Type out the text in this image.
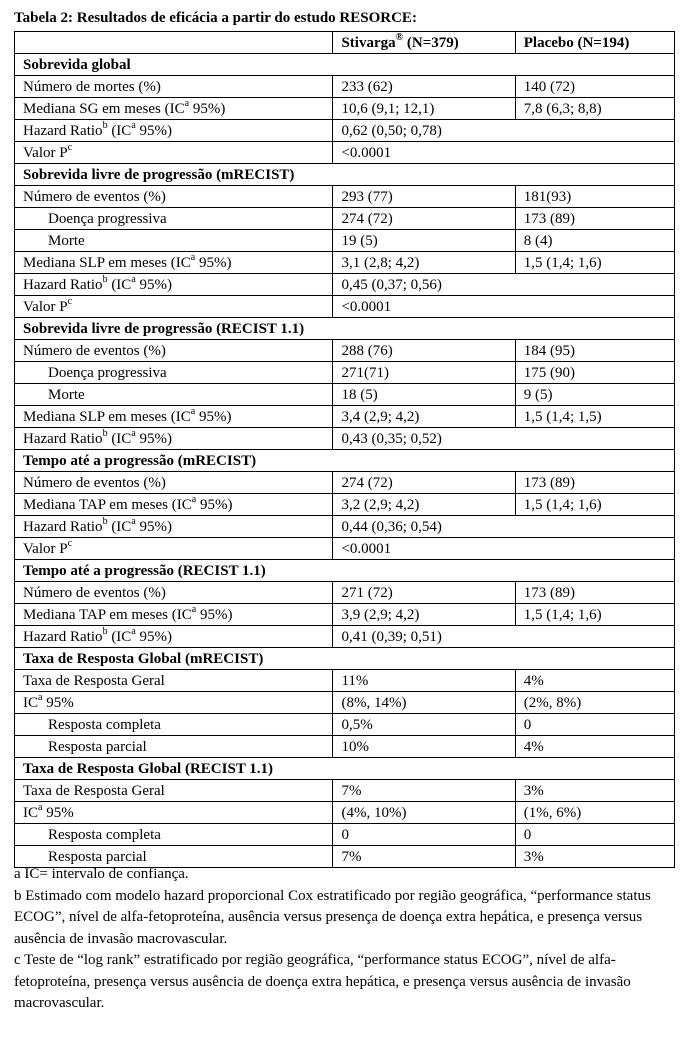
Tabela 2: Resultados de eficácia a partir do estudo RESORCE:
	Stivarga® (N=379)	Placebo (N=194)
Sobrevida global		
Número de mortes (%)	233 (62)	140 (72)
Mediana SG em meses ($IC^a$ 95%)	10,6 (9,1; 12,1)	7,8 (6,3; 8,8)
Hazard Ratio$^b$ ($IC^a$ 95%)	0,62 (0,50; 0,78)	
Valor $P^c$	<0.0001	
Sobrevida livre de progressão (mRECIST)		
Número de eventos (%)	293 (77)	181(93)
Doença progressiva	274 (72)	173 (89)
Morte	19 (5)	8 (4)
Mediana SLP em meses ($IC^a$ 95%)	3,1 (2,8; 4,2)	1,5 (1,4; 1,6)
Hazard Ratio$^b$ ($IC^a$ 95%)	0,45 (0,37; 0,56)	
Valor $P^c$	<0.0001	
Sobrevida livre de progressão (RECIST 1.1)		
Número de eventos (%)	288 (76)	184 (95)
Doença progressiva	271(71)	175 (90)
Morte	18 (5)	9 (5)
Mediana SLP em meses ($IC^a$ 95%)	3,4 (2,9; 4,2)	1,5 (1,4; 1,5)
Hazard Ratio$^b$ ($IC^a$ 95%)	0,43 (0,35; 0,52)	
Tempo até a progressão (mRECIST)		
Número de eventos (%)	274 (72)	173 (89)
Mediana TAP em meses ($IC^a$ 95%)	3,2 (2,9; 4,2)	1,5 (1,4; 1,6)
Hazard Ratio$^b$ ($IC^a$ 95%)	0,44 (0,36; 0,54)	
Valor $P^c$	<0.0001	
Tempo até a progressão (RECIST 1.1)		
Número de eventos (%)	271 (72)	173 (89)
Mediana TAP em meses ($IC^a$ 95%)	3,9 (2,9; 4,2)	1,5 (1,4; 1,6)
Hazard Ratio$^b$ ($IC^a$ 95%)	0,41 (0,39; 0,51)	
Taxa de Resposta Global (mRECIST)		
Taxa de Resposta Geral	11%	4%
$IC^a$ 95%	(8%, 14%)	(2%, 8%)
Resposta completa	0,5%	0
Resposta parcial	10%	4%
Taxa de Resposta Global (RECIST 1.1)		
Taxa de Resposta Geral	7%	3%
$IC^a$ 95%	(4%, 10%)	(1%, 6%)
Resposta completa	0	0
Resposta parcial	7%	3%

a IC= intervalo de confiança.

b Estimado com modelo hazard proporcional Cox estratificado por região geográfica, “performance status ECOG”, nível de alfa-fetoproteína, ausência versus presença de doença extra hepática, e presença versus ausência de invasão macrovascular.

c Teste de “log rank” estratificado por região geográfica, “performance status ECOG”, nível de alfa-fetoproteína, presença versus ausência de doença extra hepática, e presença versus ausência de invasão macrovascular.
